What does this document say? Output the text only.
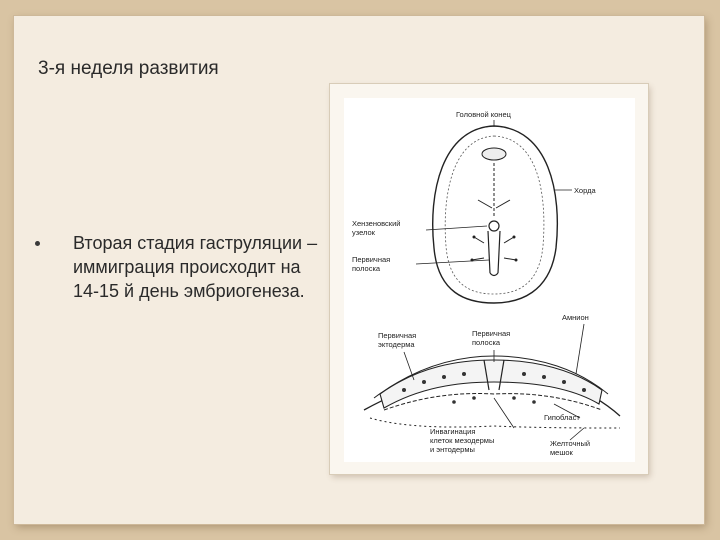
3-я неделя развития
Вторая стадия гаструляции – иммиграция происходит на 14-15 й день эмбриогенеза.
Головной конец
Хорда
Хензеновский
узелок
Первичная
полоска
Первичная
эктодерма
Первичная
полоска
Амнион
Гипобласт
Инвагинация
клеток мезодермы
и энтодермы
Желточный
мешок
